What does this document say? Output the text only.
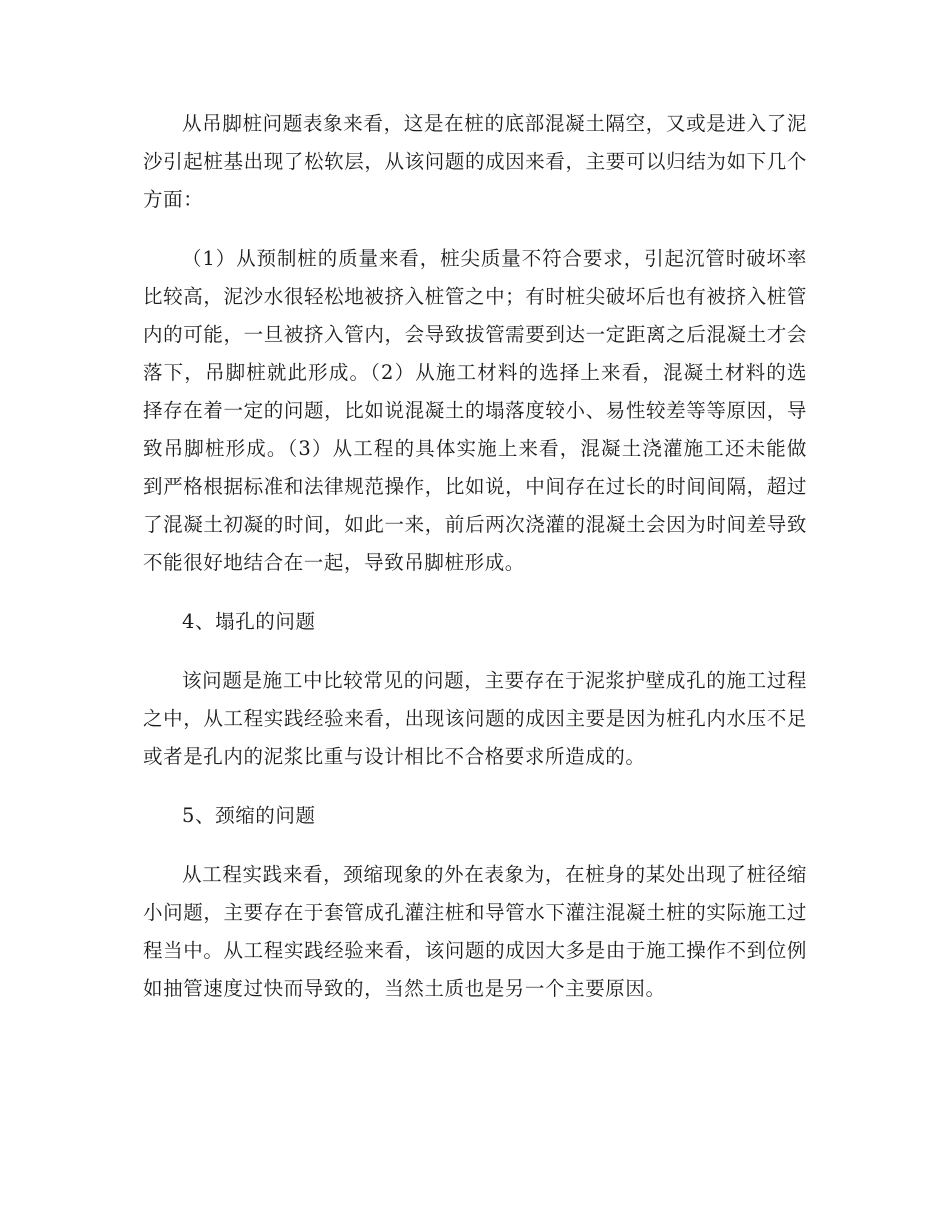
从吊脚桩问题表象来看，这是在桩的底部混凝土隔空，又或是进入了泥沙引起桩基出现了松软层，从该问题的成因来看，主要可以归结为如下几个方面：

（1）从预制桩的质量来看，桩尖质量不符合要求，引起沉管时破坏率比较高，泥沙水很轻松地被挤入桩管之中；有时桩尖破坏后也有被挤入桩管内的可能，一旦被挤入管内，会导致拔管需要到达一定距离之后混凝土才会落下，吊脚桩就此形成。（2）从施工材料的选择上来看，混凝土材料的选择存在着一定的问题，比如说混凝土的塌落度较小、易性较差等等原因，导致吊脚桩形成。（3）从工程的具体实施上来看，混凝土浇灌施工还未能做到严格根据标准和法律规范操作，比如说，中间存在过长的时间间隔，超过了混凝土初凝的时间，如此一来，前后两次浇灌的混凝土会因为时间差导致不能很好地结合在一起，导致吊脚桩形成。

4、塌孔的问题

该问题是施工中比较常见的问题，主要存在于泥浆护壁成孔的施工过程之中，从工程实践经验来看，出现该问题的成因主要是因为桩孔内水压不足或者是孔内的泥浆比重与设计相比不合格要求所造成的。

5、颈缩的问题

从工程实践来看，颈缩现象的外在表象为，在桩身的某处出现了桩径缩小问题，主要存在于套管成孔灌注桩和导管水下灌注混凝土桩的实际施工过程当中。从工程实践经验来看，该问题的成因大多是由于施工操作不到位例如抽管速度过快而导致的，当然土质也是另一个主要原因。
